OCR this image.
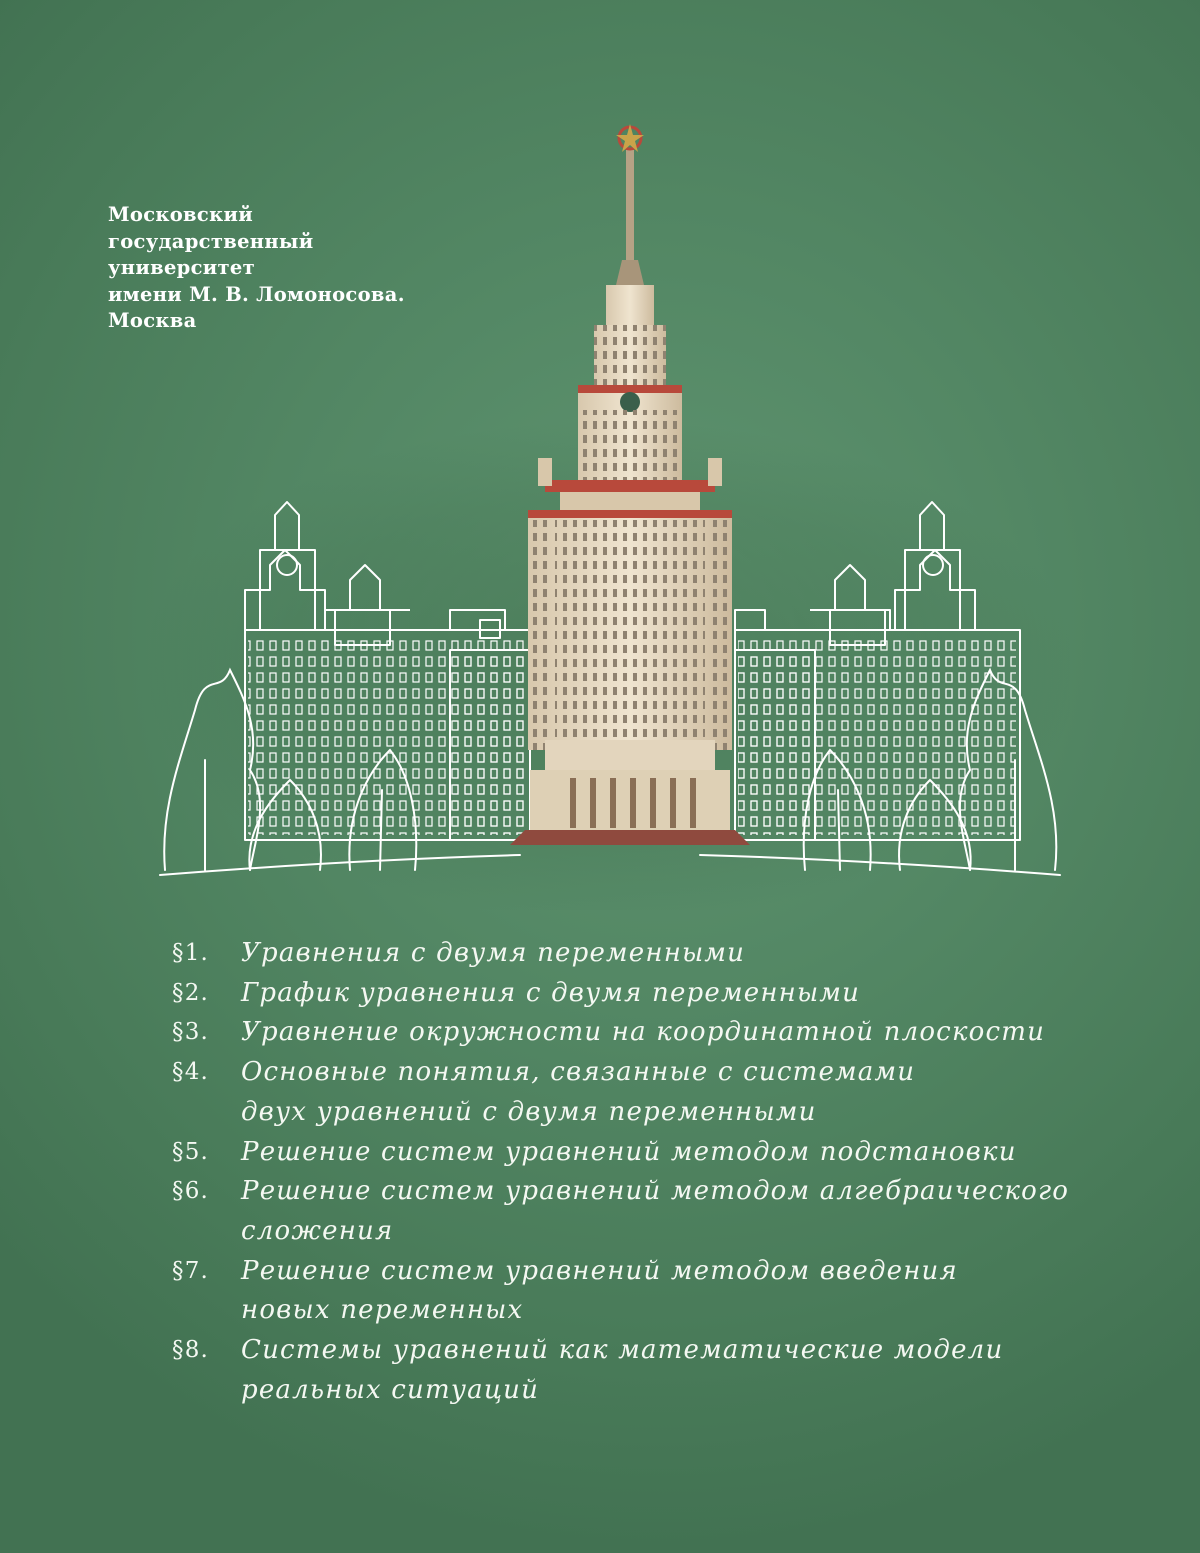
Московский
государственный
университет
имени М. В. Ломоносова.
Москва
§1.	Уравнения с двумя переменными
§2.	График уравнения с двумя переменными
§3.	Уравнение окружности на координатной плоскости
§4.	Основные понятия, связанные с системами
двух уравнений с двумя переменными
§5.	Решение систем уравнений методом подстановки
§6.	Решение систем уравнений методом алгебраического
сложения
§7.	Решение систем уравнений методом введения
новых переменных
§8.	Системы уравнений как математические модели
реальных ситуаций
